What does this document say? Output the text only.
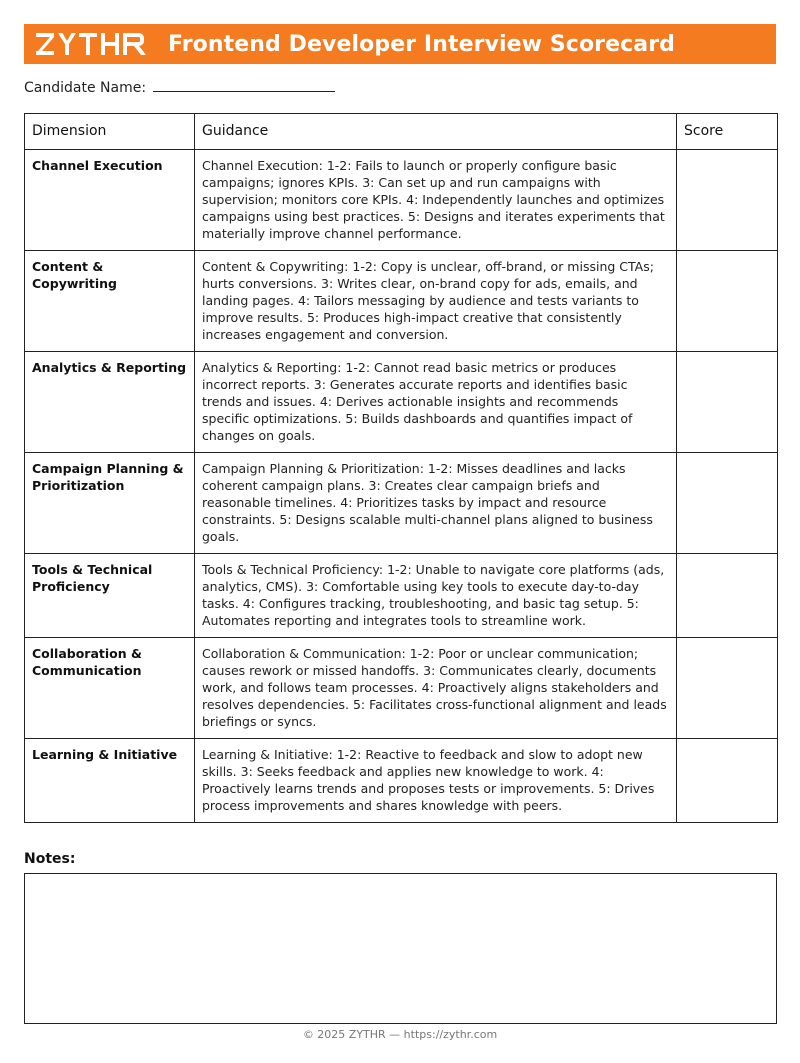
Frontend Developer Interview Scorecard
Candidate Name:
Dimension	Guidance	Score
Channel Execution	Channel Execution: 1-2: Fails to launch or properly configure basic campaigns; ignores KPIs. 3: Can set up and run campaigns with supervision; monitors core KPIs. 4: Independently launches and optimizes campaigns using best practices. 5: Designs and iterates experiments that materially improve channel performance.	
Content & Copywriting	Content & Copywriting: 1-2: Copy is unclear, off-brand, or missing CTAs; hurts conversions. 3: Writes clear, on-brand copy for ads, emails, and landing pages. 4: Tailors messaging by audience and tests variants to improve results. 5: Produces high-impact creative that consistently increases engagement and conversion.	
Analytics & Reporting	Analytics & Reporting: 1-2: Cannot read basic metrics or produces incorrect reports. 3: Generates accurate reports and identifies basic trends and issues. 4: Derives actionable insights and recommends specific optimizations. 5: Builds dashboards and quantifies impact of changes on goals.	
Campaign Planning & Prioritization	Campaign Planning & Prioritization: 1-2: Misses deadlines and lacks coherent campaign plans. 3: Creates clear campaign briefs and reasonable timelines. 4: Prioritizes tasks by impact and resource constraints. 5: Designs scalable multi-channel plans aligned to business goals.	
Tools & Technical Proficiency	Tools & Technical Proficiency: 1-2: Unable to navigate core platforms (ads, analytics, CMS). 3: Comfortable using key tools to execute day-to-day tasks. 4: Configures tracking, troubleshooting, and basic tag setup. 5: Automates reporting and integrates tools to streamline work.	
Collaboration & Communication	Collaboration & Communication: 1-2: Poor or unclear communication; causes rework or missed handoffs. 3: Communicates clearly, documents work, and follows team processes. 4: Proactively aligns stakeholders and resolves dependencies. 5: Facilitates cross-functional alignment and leads briefings or syncs.	
Learning & Initiative	Learning & Initiative: 1-2: Reactive to feedback and slow to adopt new skills. 3: Seeks feedback and applies new knowledge to work. 4: Proactively learns trends and proposes tests or improvements. 5: Drives process improvements and shares knowledge with peers.	
Notes:
© 2025 ZYTHR — https://zythr.com
